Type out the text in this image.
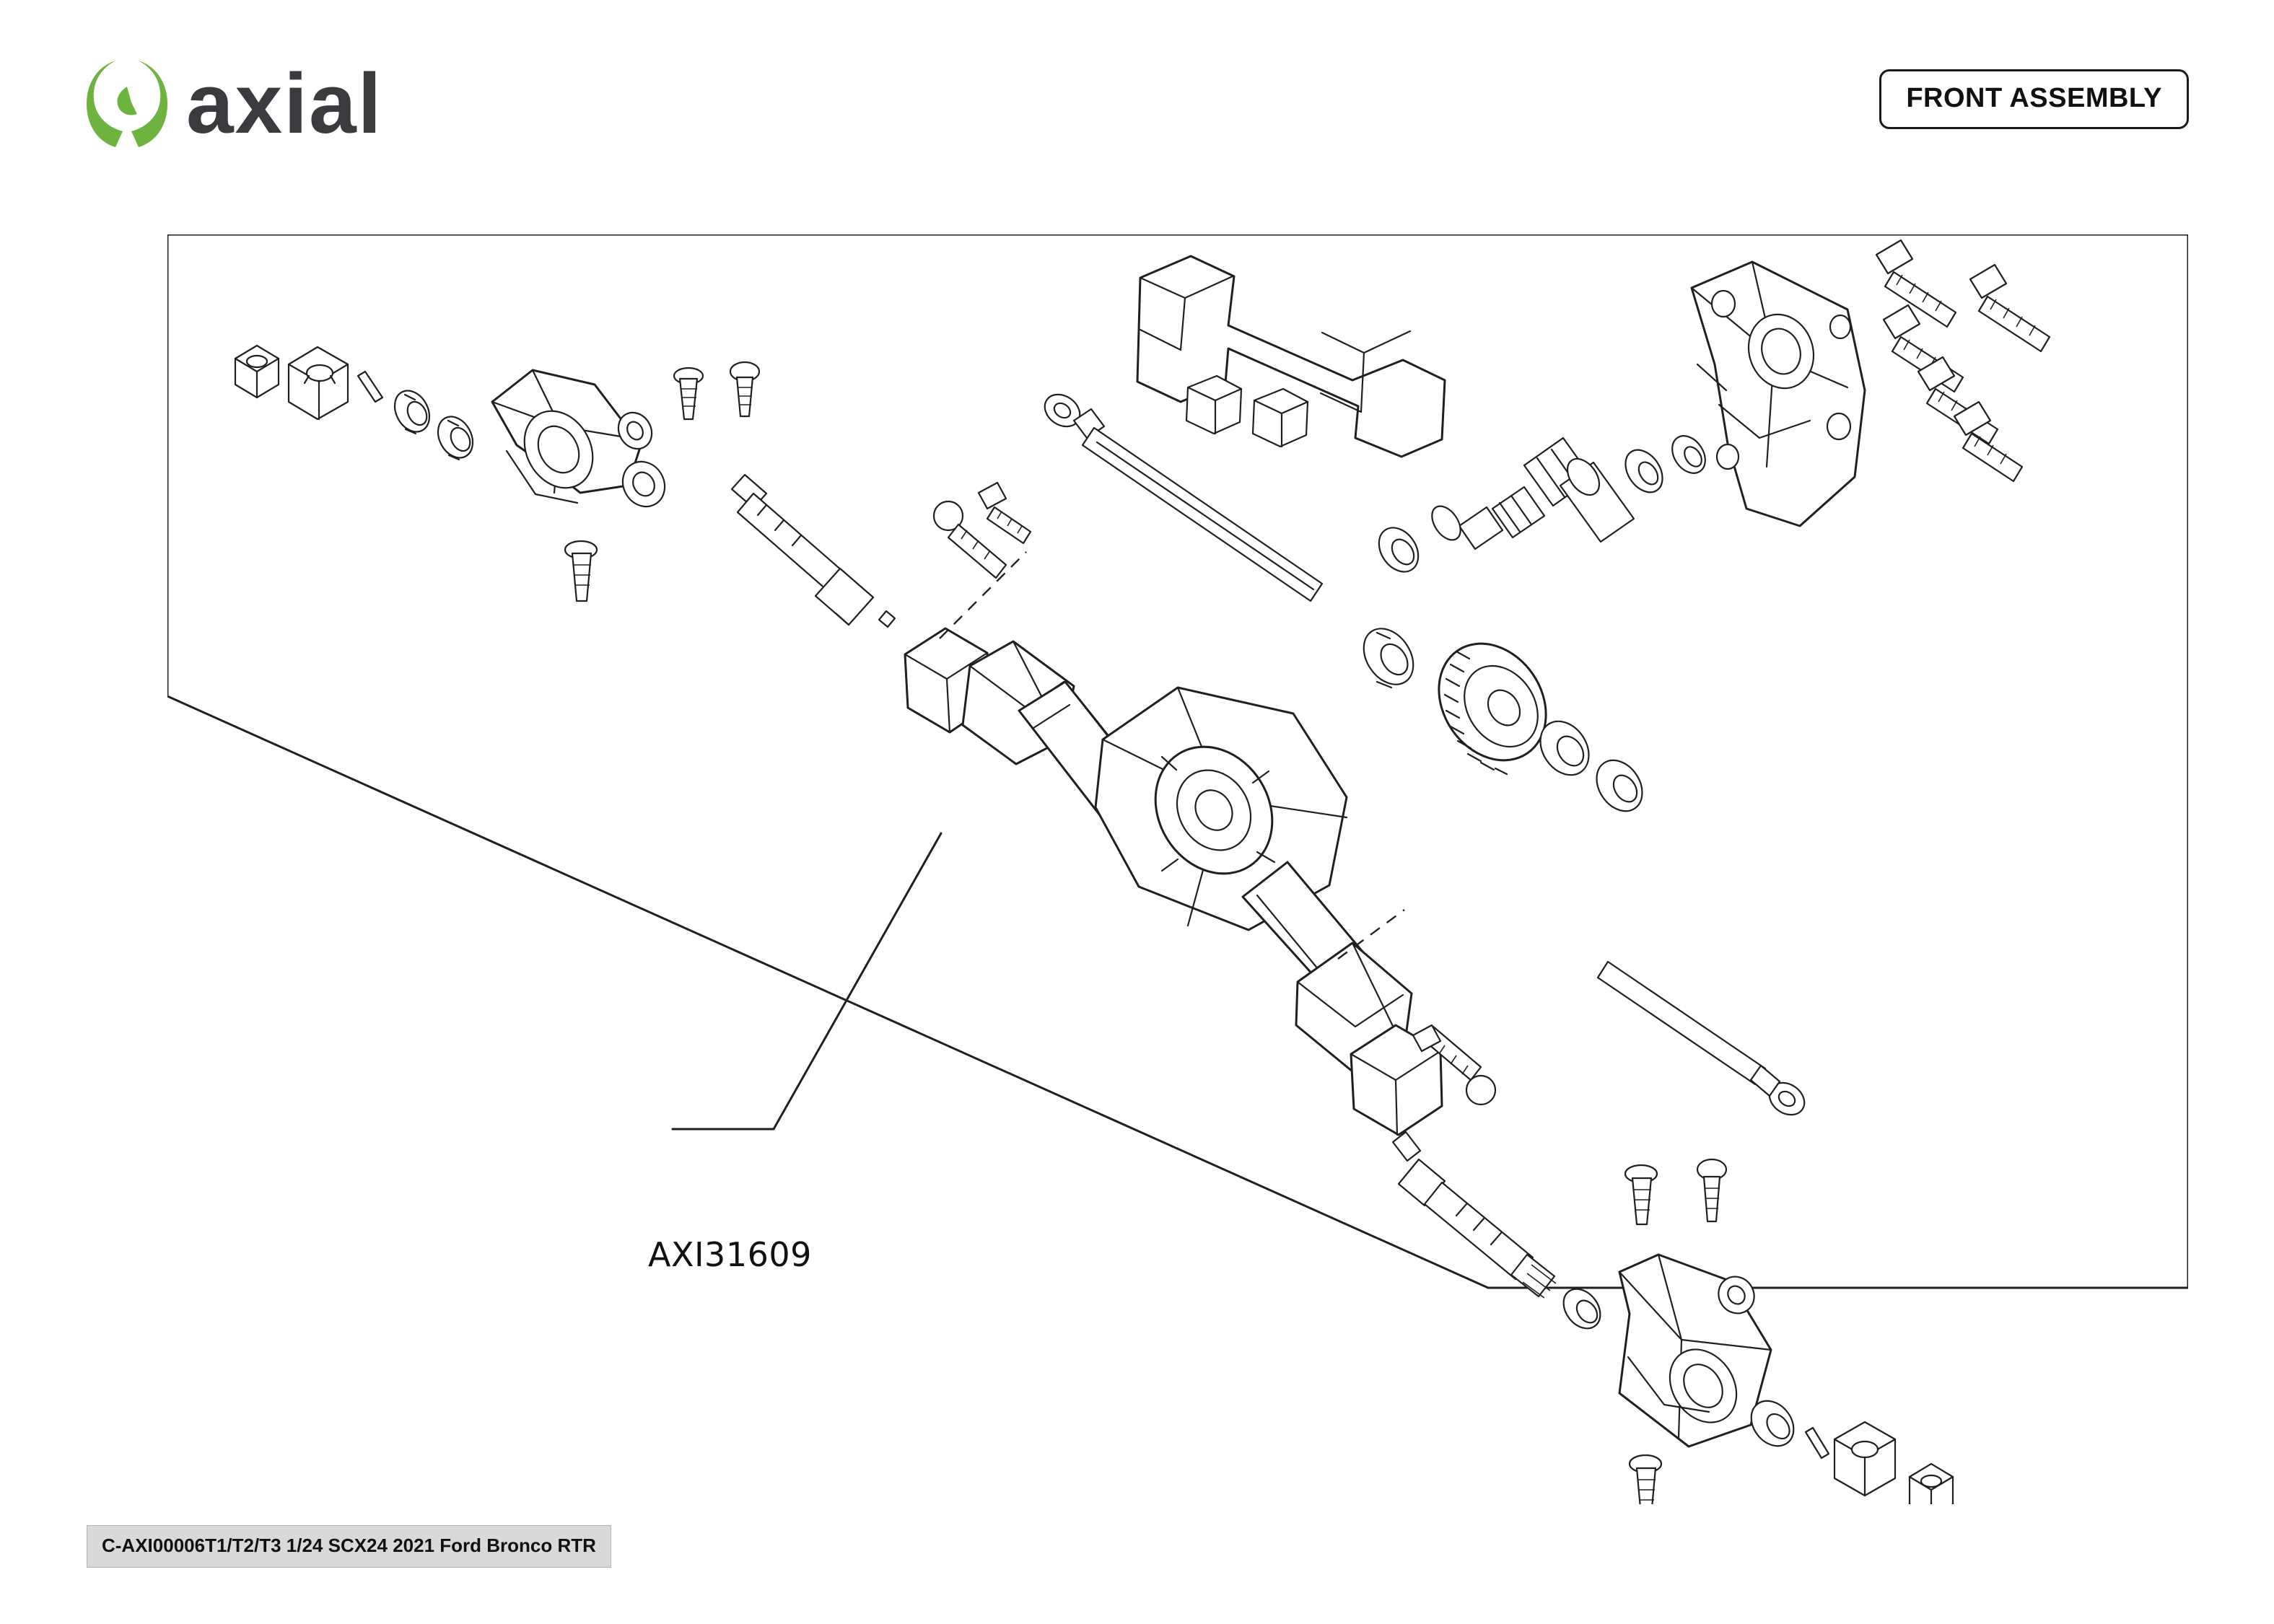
axial	FRONT ASSEMBLY
AXI31609
C-AXI00006T1/T2/T3 1/24 SCX24 2021 Ford Bronco RTR
